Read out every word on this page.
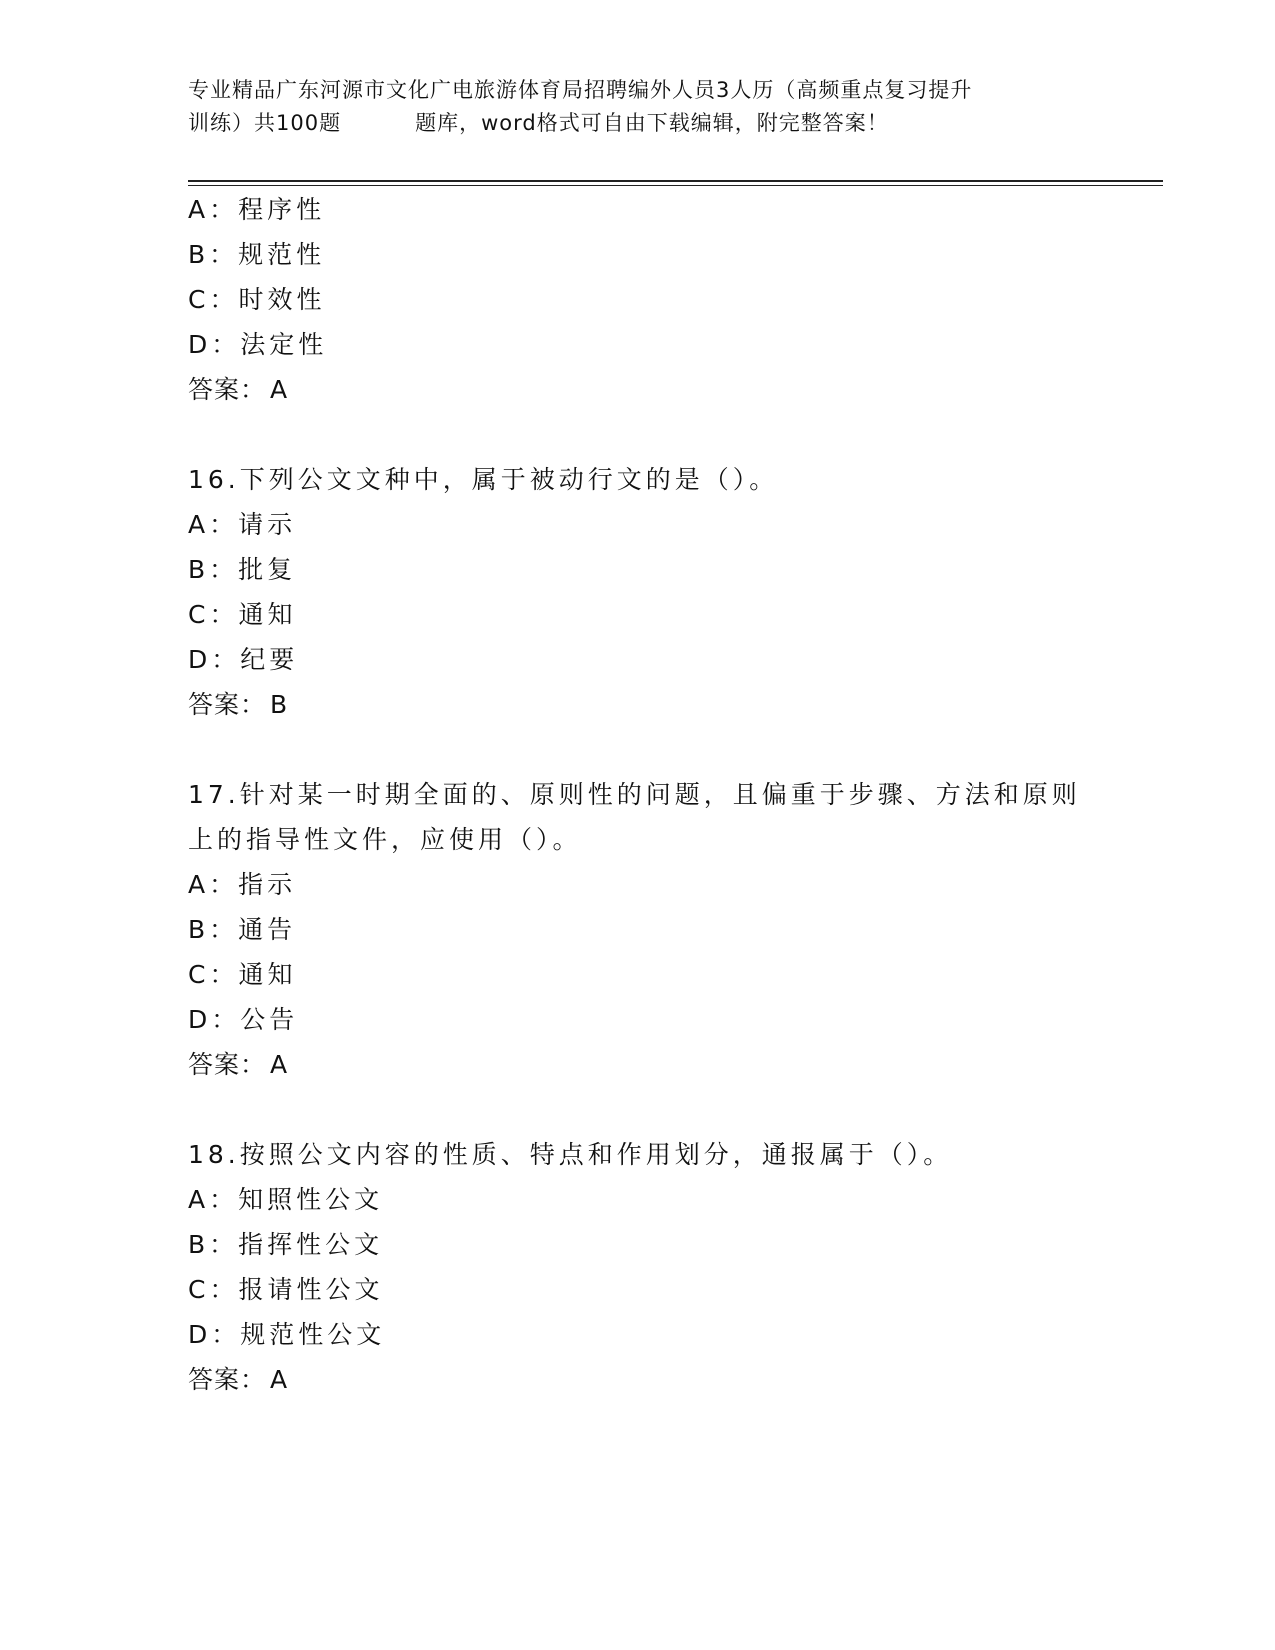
专业精品广东河源市文化广电旅游体育局招聘编外人员3人历（高频重点复习提升
训练）共100题	题库，word格式可自由下载编辑，附完整答案！
A：程序性
B：规范性
C：时效性
D：法定性
答案： A
16.下列公文文种中，属于被动行文的是（）。
A：请示
B：批复
C：通知
D：纪要
答案： B
17.针对某一时期全面的、原则性的问题，且偏重于步骤、方法和原则
上的指导性文件，应使用（）。
A：指示
B：通告
C：通知
D：公告
答案： A
18.按照公文内容的性质、特点和作用划分，通报属于（）。
A：知照性公文
B：指挥性公文
C：报请性公文
D：规范性公文
答案： A
